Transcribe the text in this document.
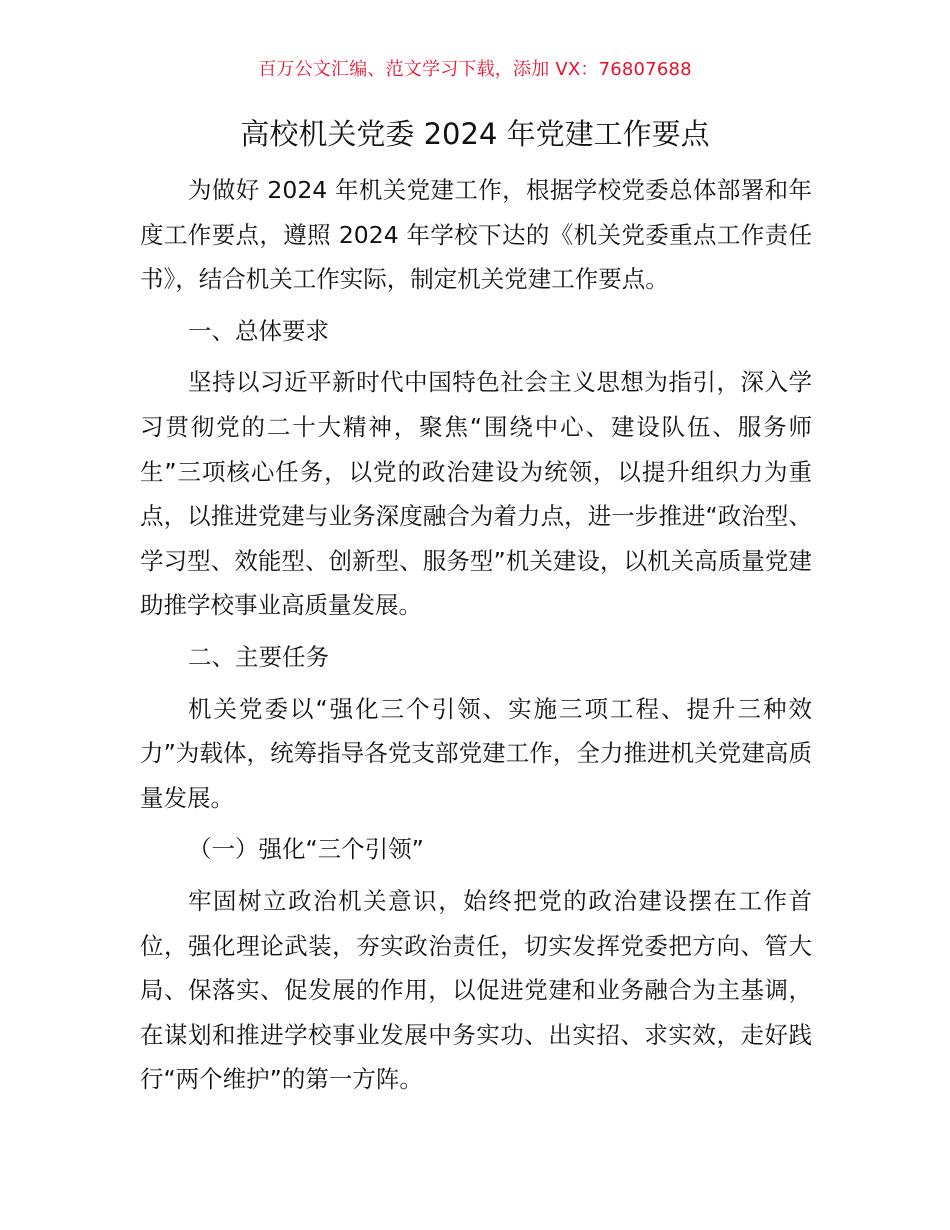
百万公文汇编、范文学习下载，添加 VX：76807688
高校机关党委 2024 年党建工作要点

为做好 2024 年机关党建工作，根据学校党委总体部署和年度工作要点，遵照 2024 年学校下达的《机关党委重点工作责任书》，结合机关工作实际，制定机关党建工作要点。

一、总体要求

坚持以习近平新时代中国特色社会主义思想为指引，深入学习贯彻党的二十大精神，聚焦“围绕中心、建设队伍、服务师生”三项核心任务，以党的政治建设为统领，以提升组织力为重点，以推进党建与业务深度融合为着力点，进一步推进“政治型、学习型、效能型、创新型、服务型”机关建设，以机关高质量党建助推学校事业高质量发展。

二、主要任务

机关党委以“强化三个引领、实施三项工程、提升三种效力”为载体，统筹指导各党支部党建工作，全力推进机关党建高质量发展。

（一）强化“三个引领”

牢固树立政治机关意识，始终把党的政治建设摆在工作首位，强化理论武装，夯实政治责任，切实发挥党委把方向、管大局、保落实、促发展的作用，以促进党建和业务融合为主基调，在谋划和推进学校事业发展中务实功、出实招、求实效，走好践行“两个维护”的第一方阵。
